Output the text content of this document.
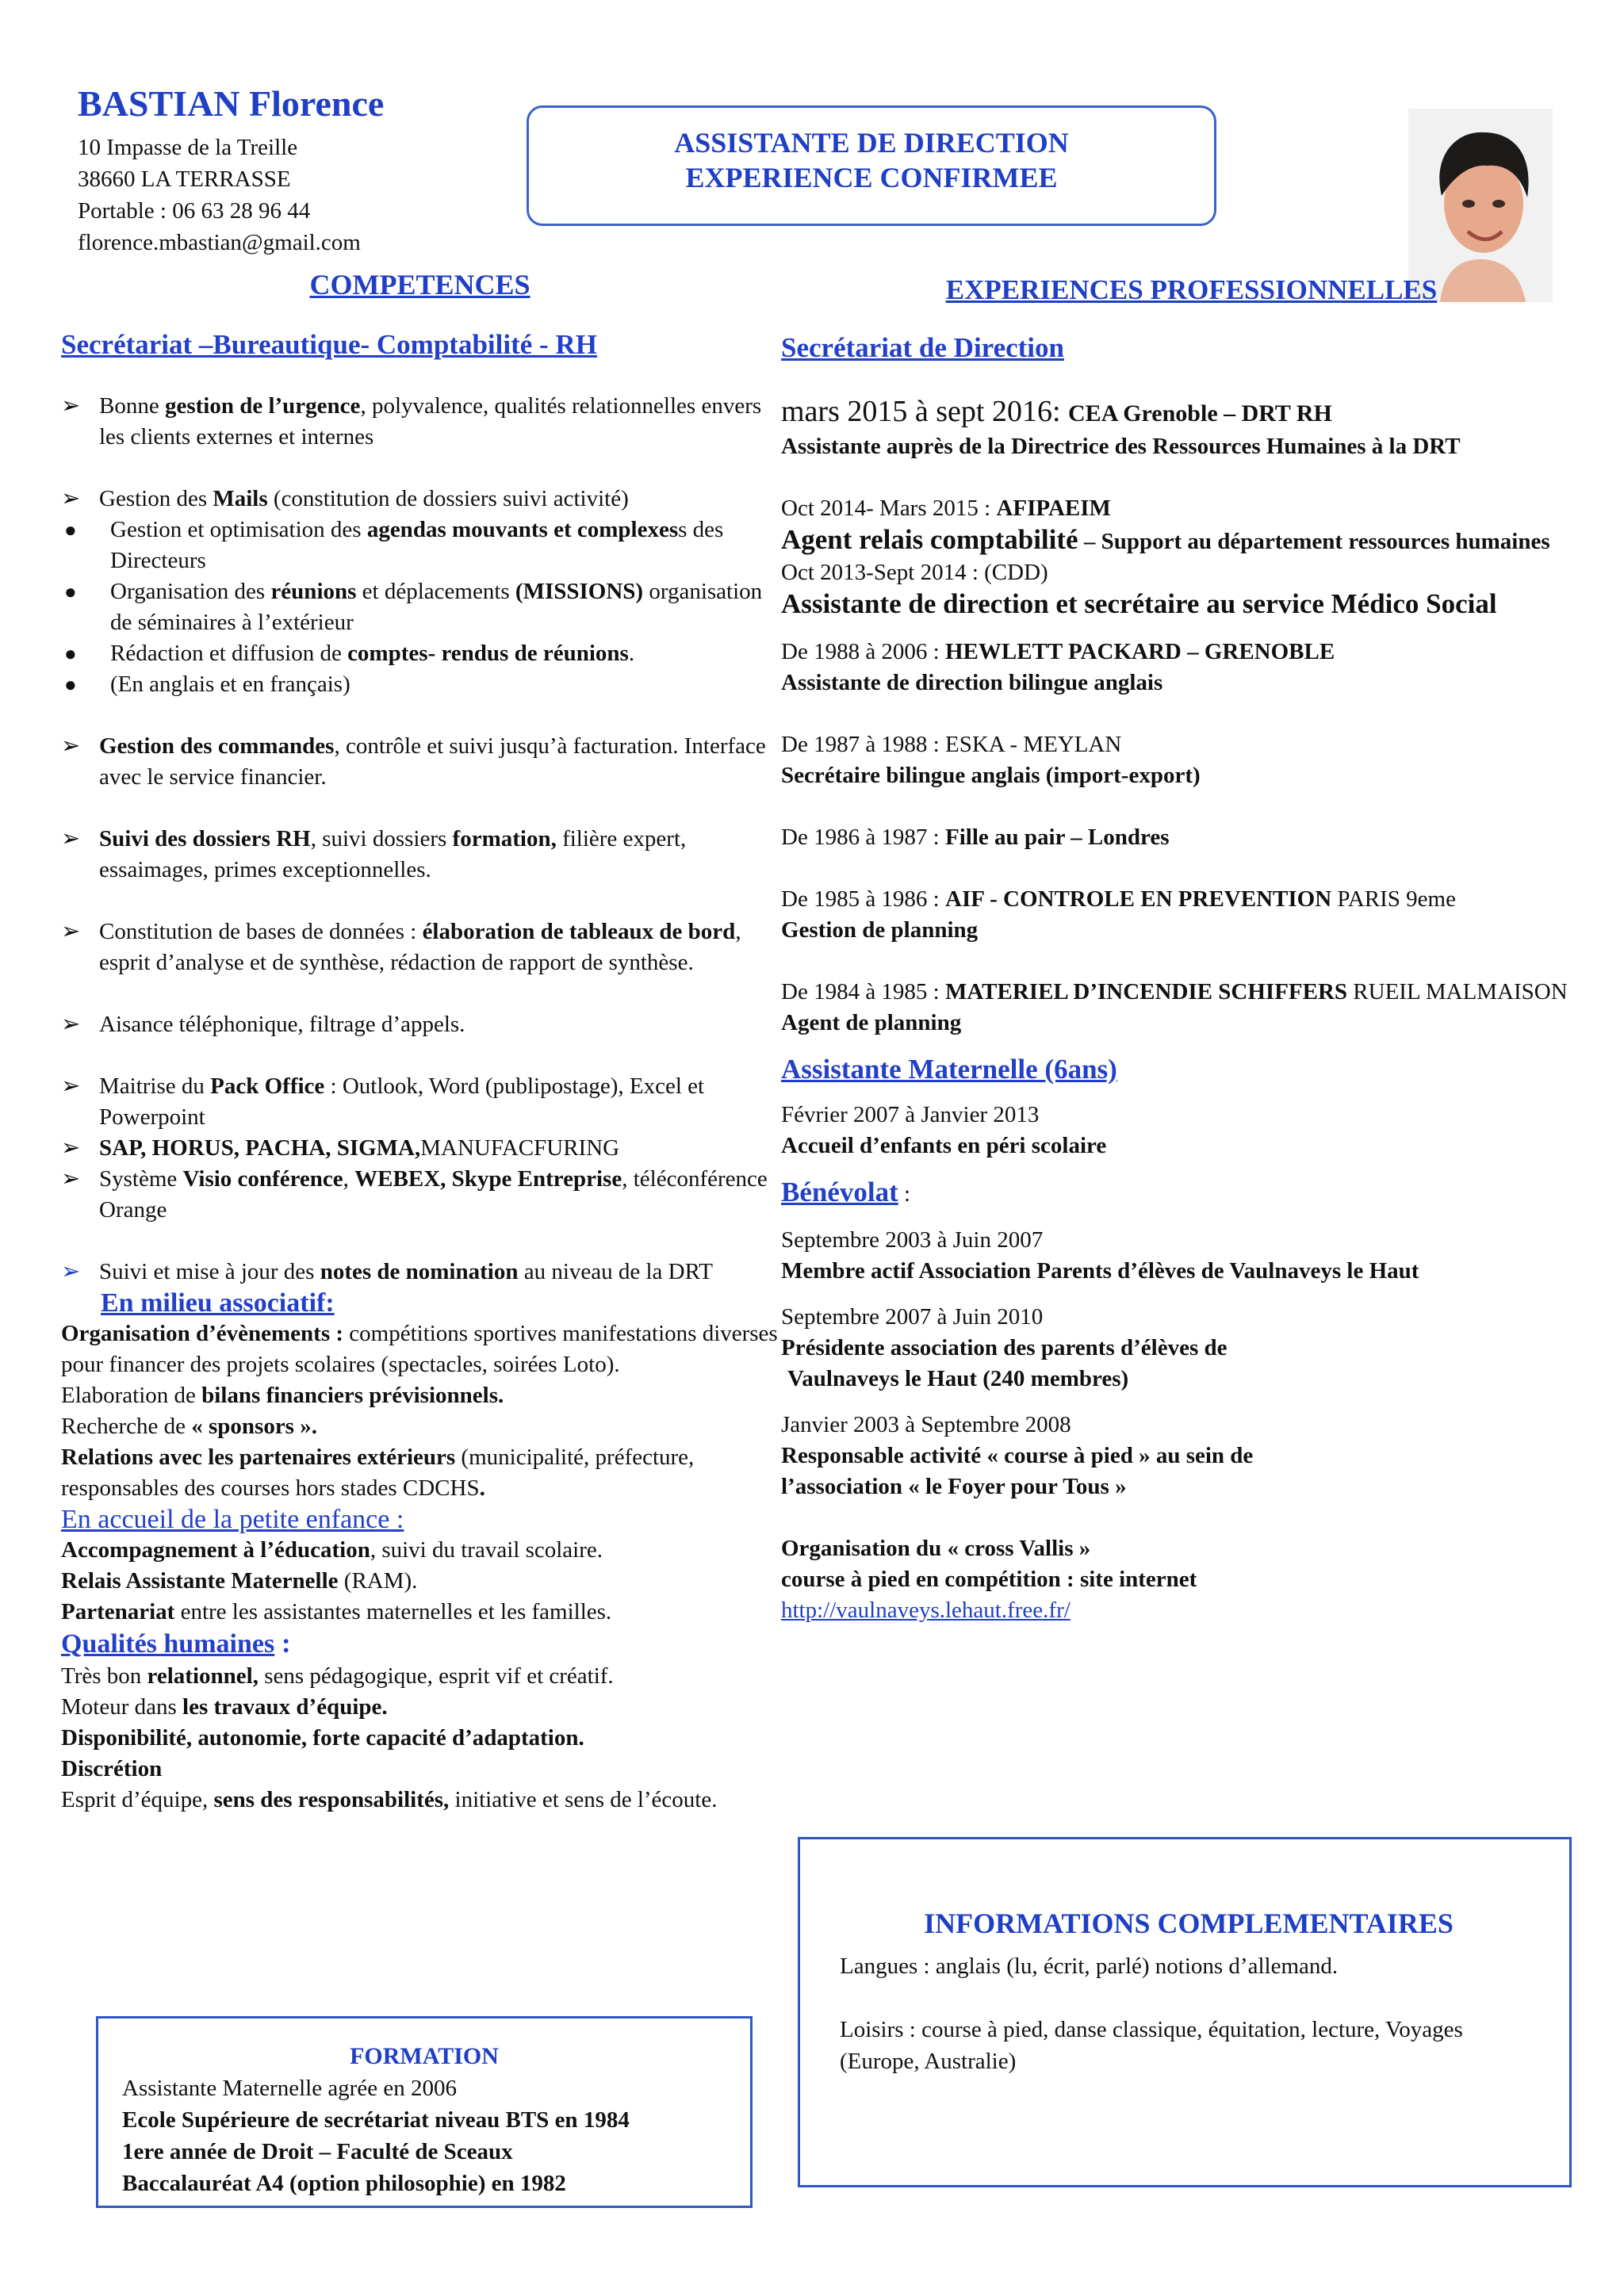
BASTIAN Florence
10 Impasse de la Treille
38660 LA TERRASSE
Portable : 06 63 28 96 44
florence.mbastian@gmail.com
ASSISTANTE DE DIRECTION
EXPERIENCE CONFIRMEE
COMPETENCES
Secrétariat –Bureautique- Comptabilité - RH
➢ Bonne gestion de l’urgence, polyvalence, qualités relationnelles envers les clients externes et internes
➢ Gestion des Mails (constitution de dossiers suivi activité)
● Gestion et optimisation des agendas mouvants et complexess des Directeurs
● Organisation des réunions et déplacements (MISSIONS) organisation de séminaires à l’extérieur
● Rédaction et diffusion de comptes- rendus de réunions.
● (En anglais et en français)
➢ Gestion des commandes, contrôle et suivi jusqu’à facturation. Interface avec le service financier.
➢ Suivi des dossiers RH, suivi dossiers formation, filière expert, essaimages, primes exceptionnelles.
➢ Constitution de bases de données : élaboration de tableaux de bord, esprit d’analyse et de synthèse, rédaction de rapport de synthèse.
➢ Aisance téléphonique, filtrage d’appels.
➢ Maitrise du Pack Office : Outlook, Word (publipostage), Excel et Powerpoint
➢ SAP, HORUS, PACHA, SIGMA,MANUFACFURING
➢ Système Visio conférence, WEBEX, Skype Entreprise, téléconférence Orange
➢ Suivi et mise à jour des notes de nomination au niveau de la DRT
En milieu associatif:
Organisation d’évènements : compétitions sportives manifestations diverses pour financer des projets scolaires (spectacles, soirées Loto).
Elaboration de bilans financiers prévisionnels.
Recherche de « sponsors ».
Relations avec les partenaires extérieurs (municipalité, préfecture, responsables des courses hors stades CDCHS.
En accueil de la petite enfance :
Accompagnement à l’éducation, suivi du travail scolaire.
Relais Assistante Maternelle (RAM).
Partenariat entre les assistantes maternelles et les familles.
Qualités humaines :
Très bon relationnel, sens pédagogique, esprit vif et créatif.
Moteur dans les travaux d’équipe.
Disponibilité, autonomie, forte capacité d’adaptation.
Discrétion
Esprit d’équipe, sens des responsabilités, initiative et sens de l’écoute.
FORMATION
Assistante Maternelle agrée en 2006
Ecole Supérieure de secrétariat niveau BTS en 1984
1ere année de Droit – Faculté de Sceaux
Baccalauréat A4 (option philosophie) en 1982
EXPERIENCES PROFESSIONNELLES
Secrétariat de Direction
mars 2015 à sept 2016: CEA Grenoble – DRT RH
Assistante auprès de la Directrice des Ressources Humaines à la DRT
Oct 2014- Mars 2015 : AFIPAEIM
Agent relais comptabilité – Support au département ressources humaines
Oct 2013-Sept 2014 : (CDD)
Assistante de direction et secrétaire au service Médico Social
De 1988 à 2006 : HEWLETT PACKARD – GRENOBLE
Assistante de direction bilingue anglais
De 1987 à 1988 : ESKA - MEYLAN
Secrétaire bilingue anglais (import-export)
De 1986 à 1987 : Fille au pair – Londres
De 1985 à 1986 : AIF - CONTROLE EN PREVENTION PARIS 9eme
Gestion de planning
De 1984 à 1985 : MATERIEL D’INCENDIE SCHIFFERS RUEIL MALMAISON
Agent de planning
Assistante Maternelle (6ans)
Février 2007 à Janvier 2013
Accueil d’enfants en péri scolaire
Bénévolat :
Septembre 2003 à Juin 2007
Membre actif Association Parents d’élèves de Vaulnaveys le Haut
Septembre 2007 à Juin 2010
Présidente association des parents d’élèves de
Vaulnaveys le Haut (240 membres)
Janvier 2003 à Septembre 2008
Responsable activité « course à pied » au sein de
l’association « le Foyer pour Tous »
Organisation du « cross Vallis »
course à pied en compétition : site internet
http://vaulnaveys.lehaut.free.fr/
INFORMATIONS COMPLEMENTAIRES
Langues : anglais (lu, écrit, parlé) notions d’allemand.
Loisirs : course à pied, danse classique, équitation, lecture, Voyages (Europe, Australie)
